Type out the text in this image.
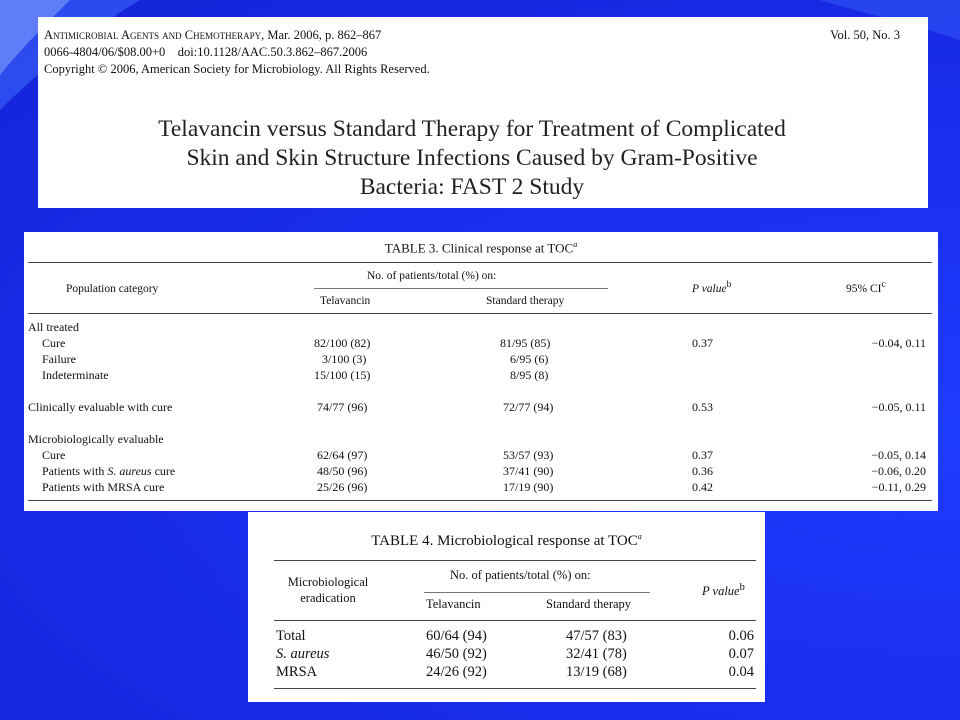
Antimicrobial Agents and Chemotherapy, Mar. 2006, p. 862–867	Vol. 50, No. 3
0066-4804/06/$08.00+0    doi:10.1128/AAC.50.3.862–867.2006
Copyright © 2006, American Society for Microbiology. All Rights Reserved.
Telavancin versus Standard Therapy for Treatment of Complicated
Skin and Skin Structure Infections Caused by Gram-Positive
Bacteria: FAST 2 Study
TABLE 3. Clinical response at TOC$^a$
Population category
No. of patients/total (%) on:
Telavancin	Standard therapy
P value$^b$	95% $CI^c$
All treated
Cure	82/100 (82)	81/95 (85)	0.37	−0.04, 0.11
Failure	3/100 (3)	6/95 (6)
Indeterminate	15/100 (15)	8/95 (8)
Clinically evaluable with cure	74/77 (96)	72/77 (94)	0.53	−0.05, 0.11
Microbiologically evaluable
Cure	62/64 (97)	53/57 (93)	0.37	−0.05, 0.14
Patients with S. aureus cure	48/50 (96)	37/41 (90)	0.36	−0.06, 0.20
Patients with MRSA cure	25/26 (96)	17/19 (90)	0.42	−0.11, 0.29
TABLE 4. Microbiological response at TOC$^a$
Microbiological
eradication
No. of patients/total (%) on:
Telavancin	Standard therapy
P value$^b$
Total	60/64 (94)	47/57 (83)	0.06
S. aureus	46/50 (92)	32/41 (78)	0.07
MRSA	24/26 (92)	13/19 (68)	0.04
